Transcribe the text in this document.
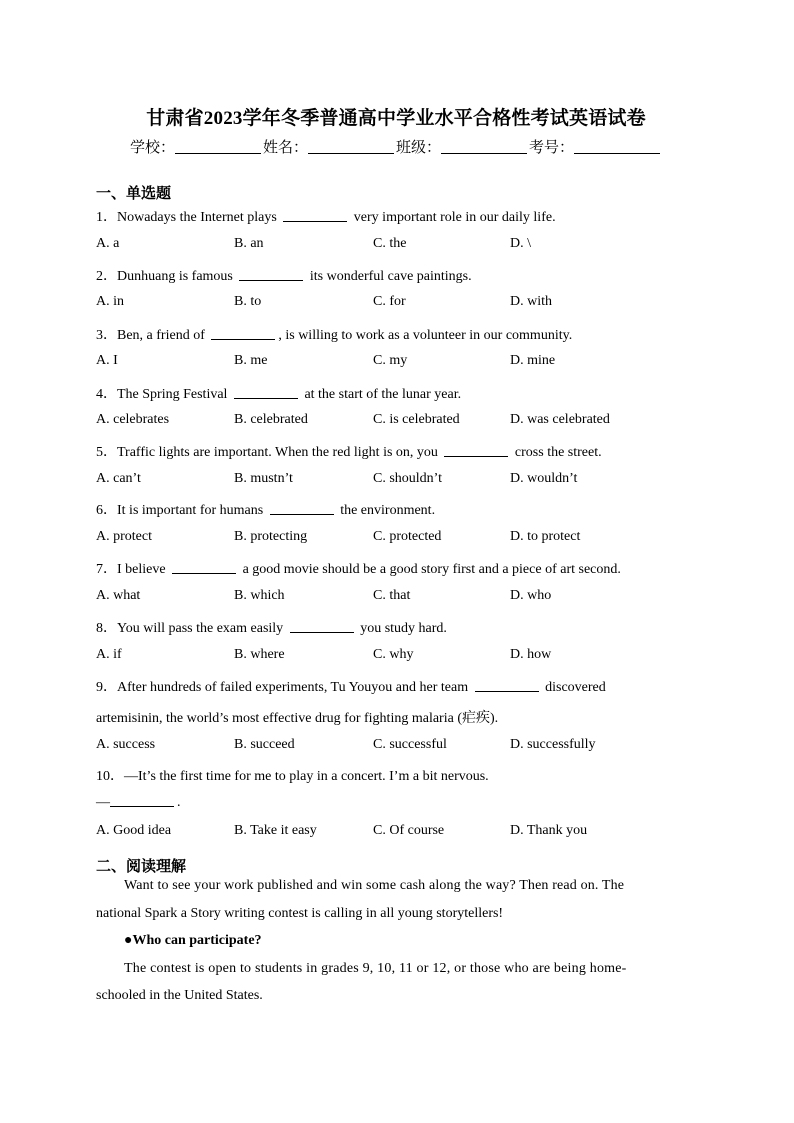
甘肃省2023学年冬季普通高中学业水平合格性考试英语试卷
学校：	姓名：	班级：	考号：
一、单选题
1．Nowadays the Internet plays	very important role in our daily life.
A. a	B. an	C. the	D. \
2．Dunhuang is famous	its wonderful cave paintings.
A. in	B. to	C. for	D. with
3．Ben, a friend of	, is willing to work as a volunteer in our community.
A. I	B. me	C. my	D. mine
4．The Spring Festival	at the start of the lunar year.
A. celebrates	B. celebrated	C. is celebrated	D. was celebrated
5．Traffic lights are important. When the red light is on, you	cross the street.
A. can’t	B. mustn’t	C. shouldn’t	D. wouldn’t
6．It is important for humans	the environment.
A. protect	B. protecting	C. protected	D. to protect
7．I believe	a good movie should be a good story first and a piece of art second.
A. what	B. which	C. that	D. who
8．You will pass the exam easily	you study hard.
A. if	B. where	C. why	D. how
9．After hundreds of failed experiments, Tu Youyou and her team	discovered
artemisinin, the world’s most effective drug for fighting malaria (疟疾).
A. success	B. succeed	C. successful	D. successfully
10．—It’s the first time for me to play in a concert. I’m a bit nervous.
—	.
A. Good idea	B. Take it easy	C. Of course	D. Thank you
二、阅读理解
Want to see your work published and win some cash along the way? Then read on. The
national Spark a Story writing contest is calling in all young storytellers!
●Who can participate?
The contest is open to students in grades 9, 10, 11 or 12, or those who are being home-
schooled in the United States.
